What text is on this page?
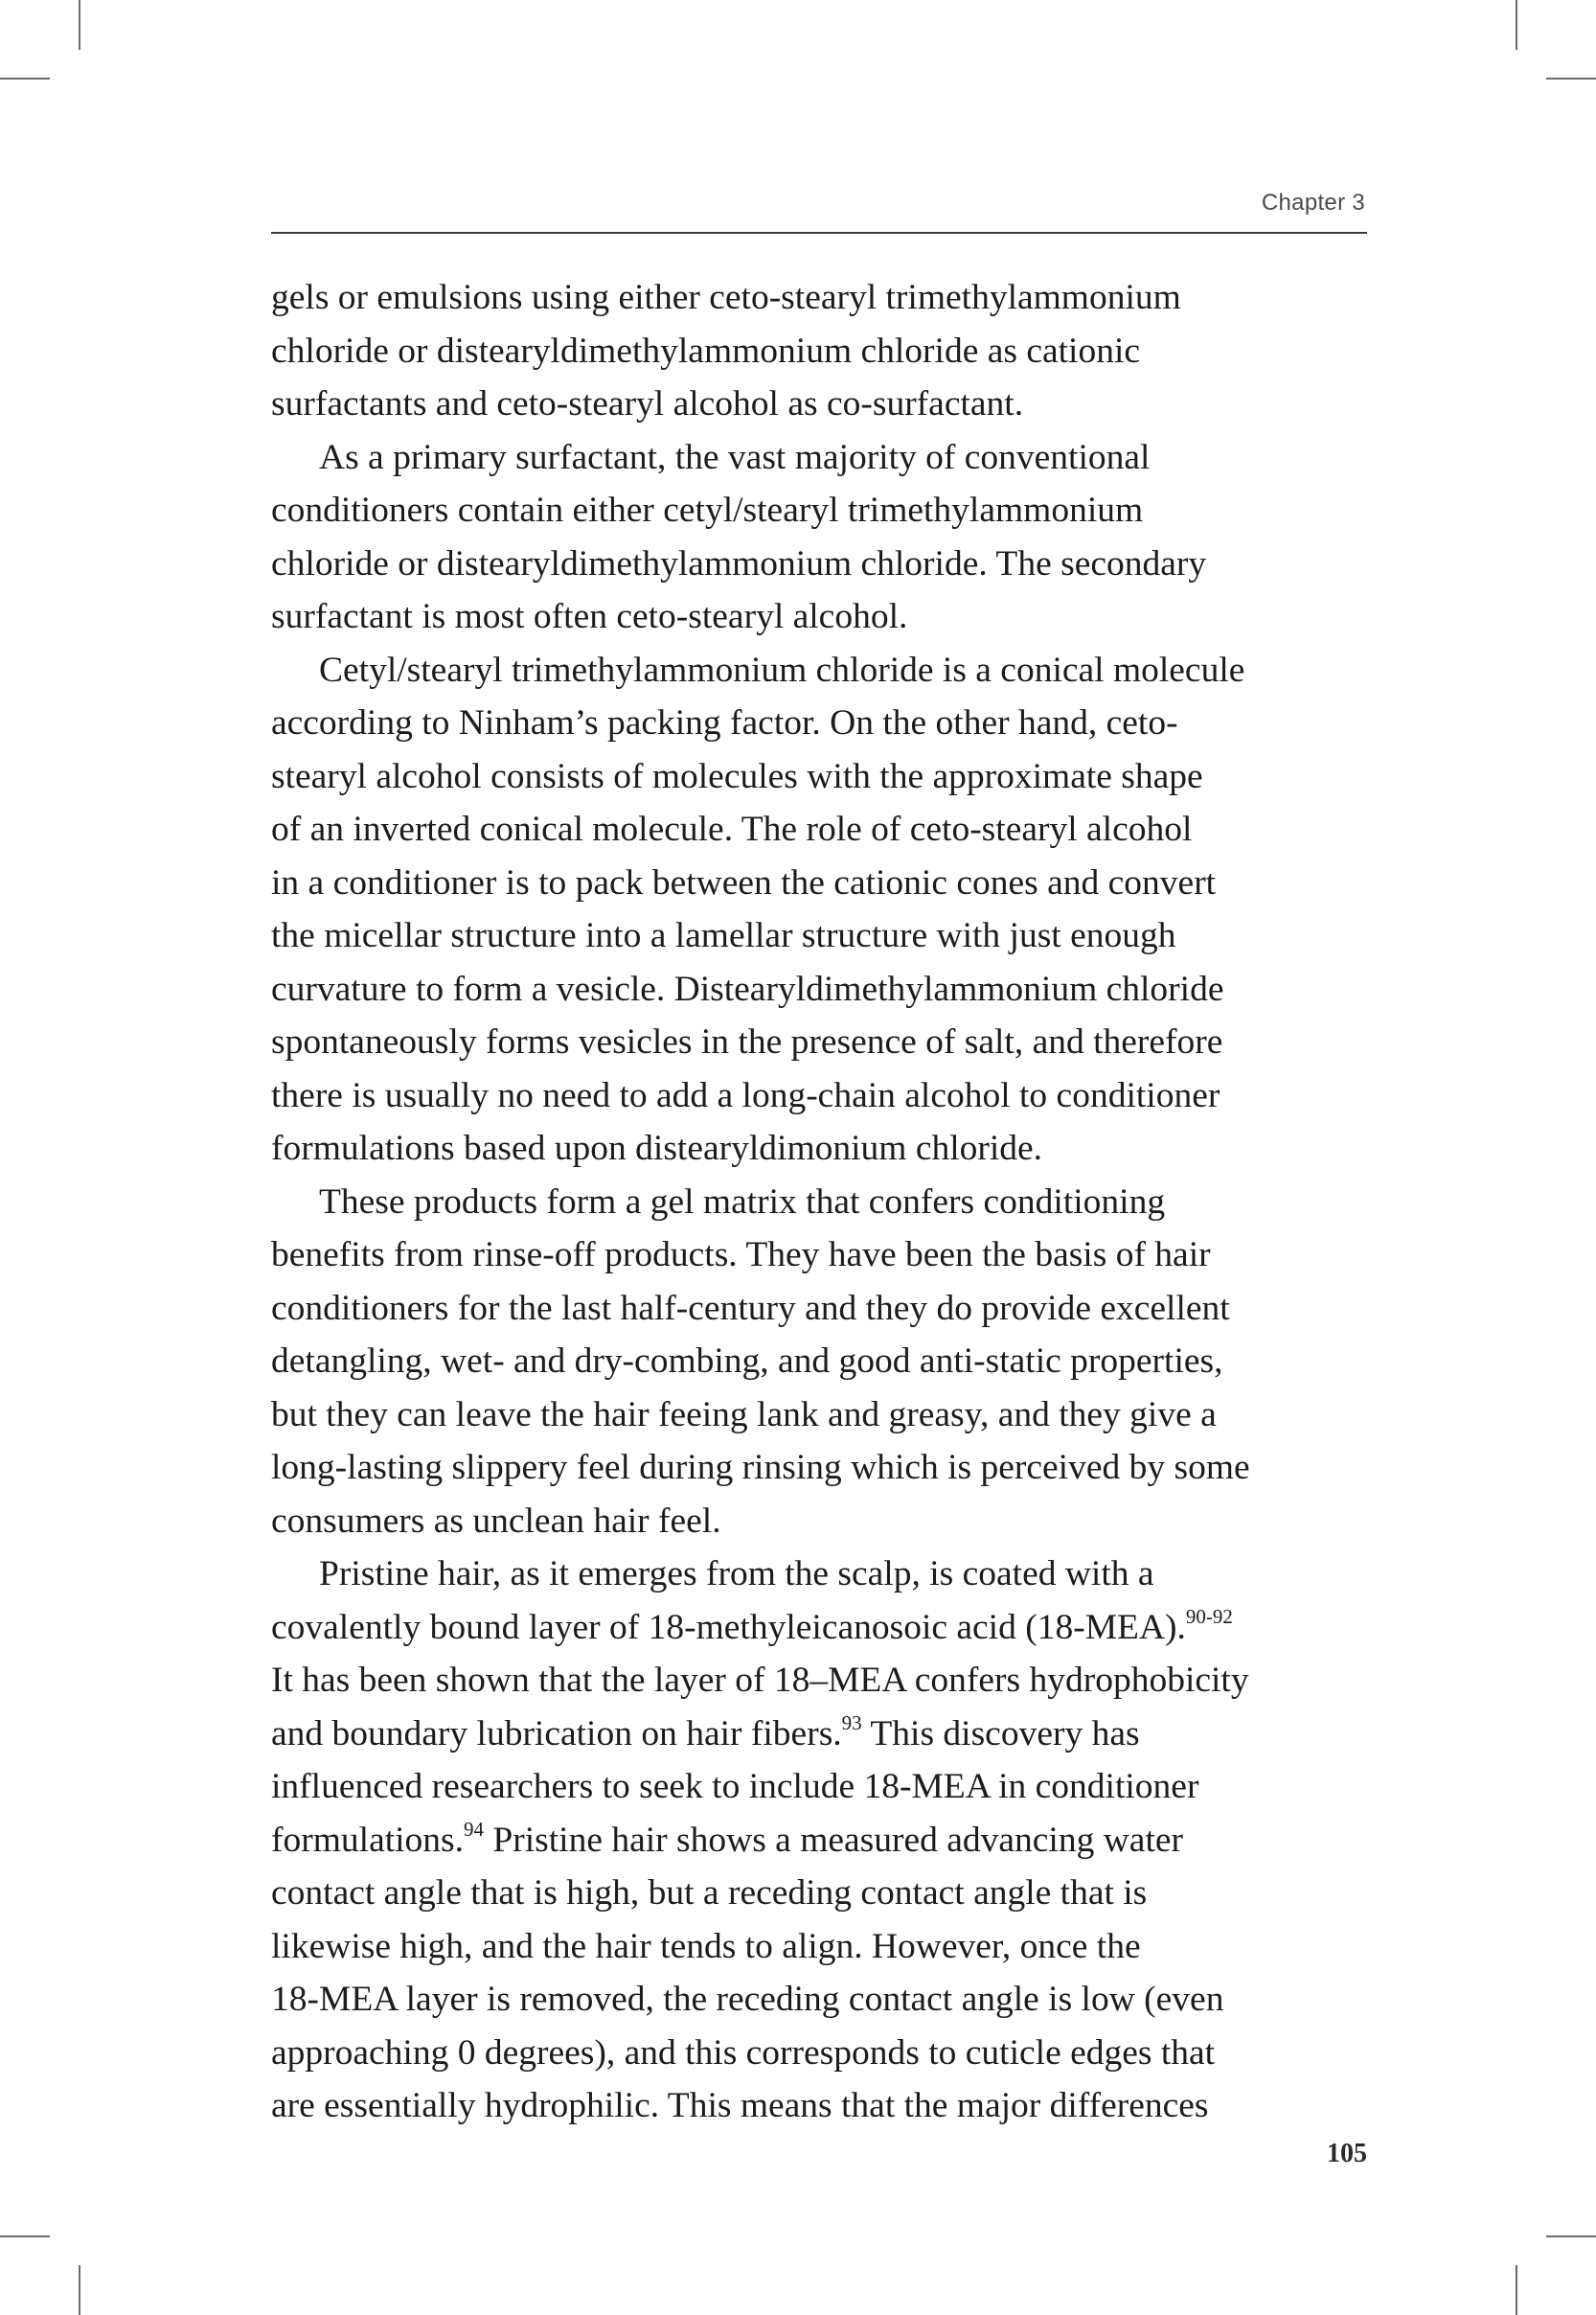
Chapter 3

gels or emulsions using either ceto-stearyl trimethylammonium

chloride or distearyldimethylammonium chloride as cationic

surfactants and ceto-stearyl alcohol as co-surfactant.

As a primary surfactant, the vast majority of conventional

conditioners contain either cetyl/stearyl trimethylammonium

chloride or distearyldimethylammonium chloride. The secondary

surfactant is most often ceto-stearyl alcohol.

Cetyl/stearyl trimethylammonium chloride is a conical molecule

according to Ninham’s packing factor. On the other hand, ceto-

stearyl alcohol consists of molecules with the approximate shape

of an inverted conical molecule. The role of ceto-stearyl alcohol

in a conditioner is to pack between the cationic cones and convert

the micellar structure into a lamellar structure with just enough

curvature to form a vesicle. Distearyldimethylammonium chloride

spontaneously forms vesicles in the presence of salt, and therefore

there is usually no need to add a long-chain alcohol to conditioner

formulations based upon distearyldimonium chloride.

These products form a gel matrix that confers conditioning

benefits from rinse-off products. They have been the basis of hair

conditioners for the last half-century and they do provide excellent

detangling, wet- and dry-combing, and good anti-static properties,

but they can leave the hair feeing lank and greasy, and they give a

long-lasting slippery feel during rinsing which is perceived by some

consumers as unclean hair feel.

Pristine hair, as it emerges from the scalp, is coated with a

covalently bound layer of 18-methyleicanosoic acid (18-MEA).$^{90-92}$

It has been shown that the layer of 18–MEA confers hydrophobicity

and boundary lubrication on hair fibers.$^{93}$ This discovery has

influenced researchers to seek to include 18-MEA in conditioner

formulations.$^{94}$ Pristine hair shows a measured advancing water

contact angle that is high, but a receding contact angle that is

likewise high, and the hair tends to align. However, once the

18-MEA layer is removed, the receding contact angle is low (even

approaching 0 degrees), and this corresponds to cuticle edges that

are essentially hydrophilic. This means that the major differences

105
